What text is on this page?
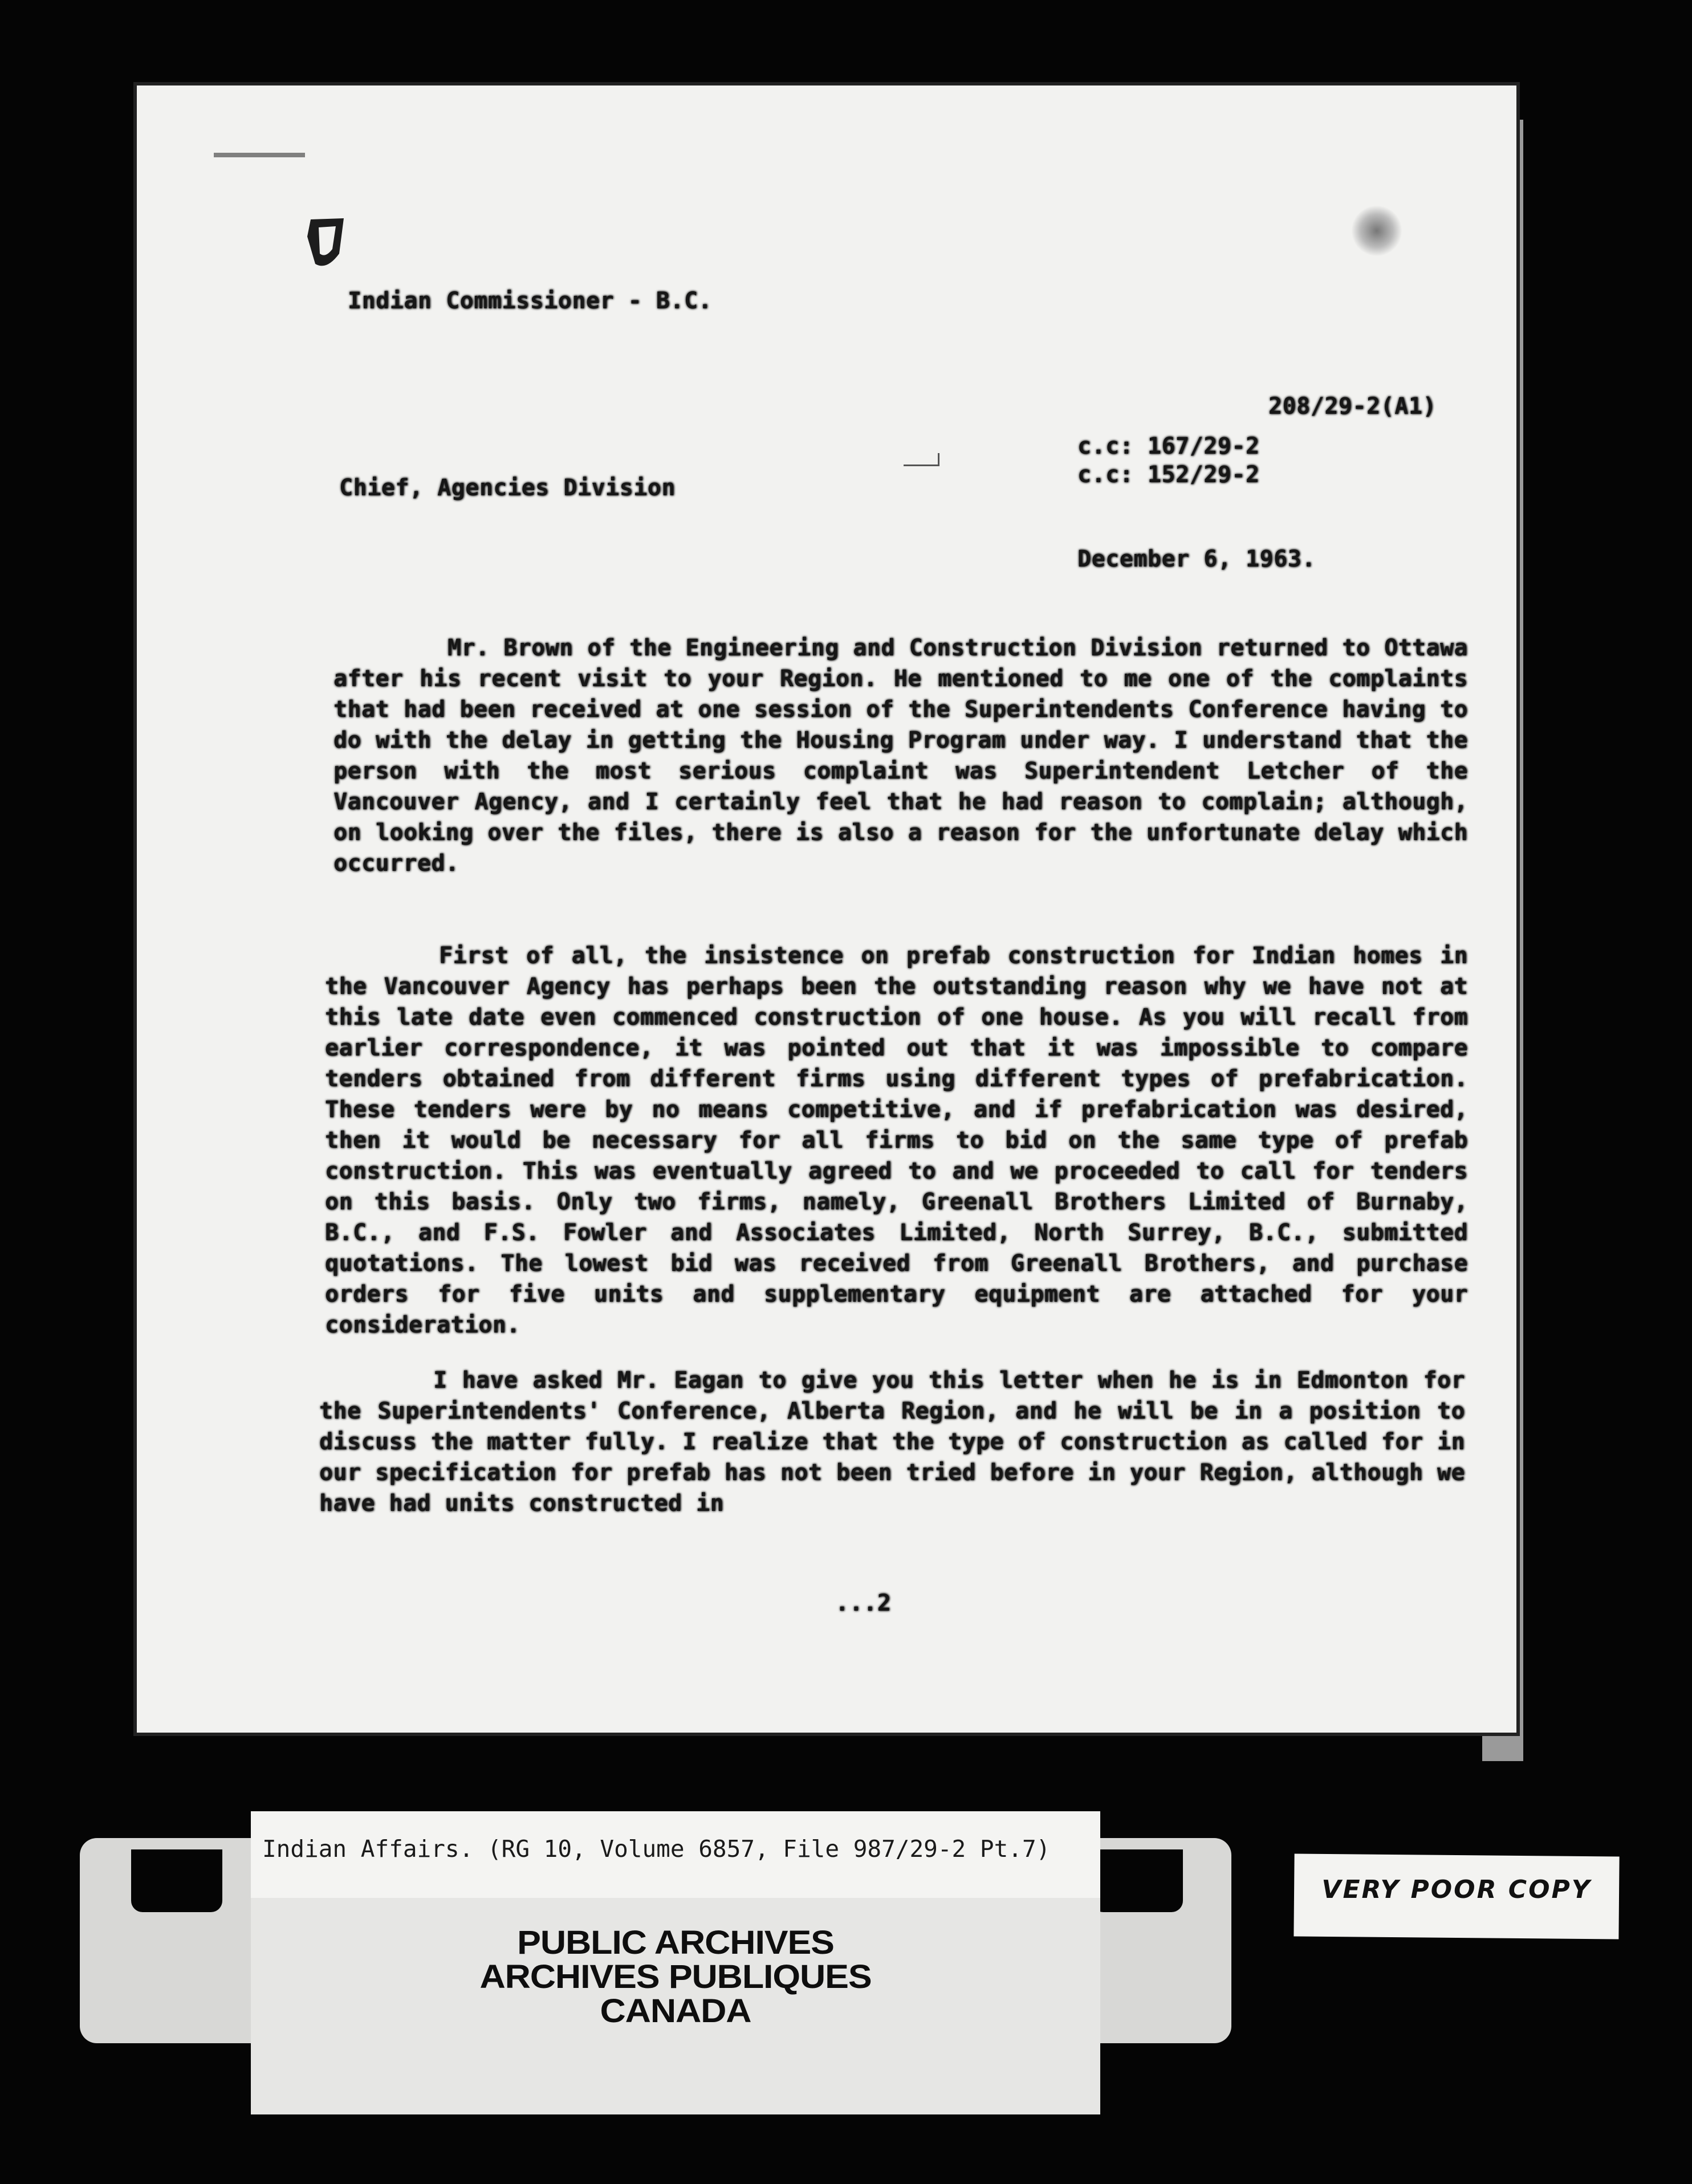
Indian Commissioner - B.C.
208/29-2(A1)
c.c: 167/29-2
c.c: 152/29-2
Chief, Agencies Division
December 6, 1963.
Mr. Brown of the Engineering and Construction Division returned to Ottawa after his recent visit to your Region. He mentioned to me one of the complaints that had been received at one session of the Superintendents Conference having to do with the delay in getting the Housing Program under way. I understand that the person with the most serious complaint was Superintendent Letcher of the Vancouver Agency, and I certainly feel that he had reason to complain; although, on looking over the files, there is also a reason for the unfortunate delay which occurred.
First of all, the insistence on prefab construction for Indian homes in the Vancouver Agency has perhaps been the outstanding reason why we have not at this late date even commenced construction of one house. As you will recall from earlier correspondence, it was pointed out that it was impossible to compare tenders obtained from different firms using different types of prefabrication. These tenders were by no means competitive, and if prefabrication was desired, then it would be necessary for all firms to bid on the same type of prefab construction. This was eventually agreed to and we proceeded to call for tenders on this basis. Only two firms, namely, Greenall Brothers Limited of Burnaby, B.C., and F.S. Fowler and Associates Limited, North Surrey, B.C., submitted quotations. The lowest bid was received from Greenall Brothers, and purchase orders for five units and supplementary equipment are attached for your consideration.
I have asked Mr. Eagan to give you this letter when he is in Edmonton for the Superintendents' Conference, Alberta Region, and he will be in a position to discuss the matter fully. I realize that the type of construction as called for in our specification for prefab has not been tried before in your Region, although we have had units constructed in
...2
Indian Affairs. (RG 10, Volume 6857, File 987/29-2 Pt.7)
PUBLIC ARCHIVES
ARCHIVES PUBLIQUES
CANADA
VERY POOR COPY
